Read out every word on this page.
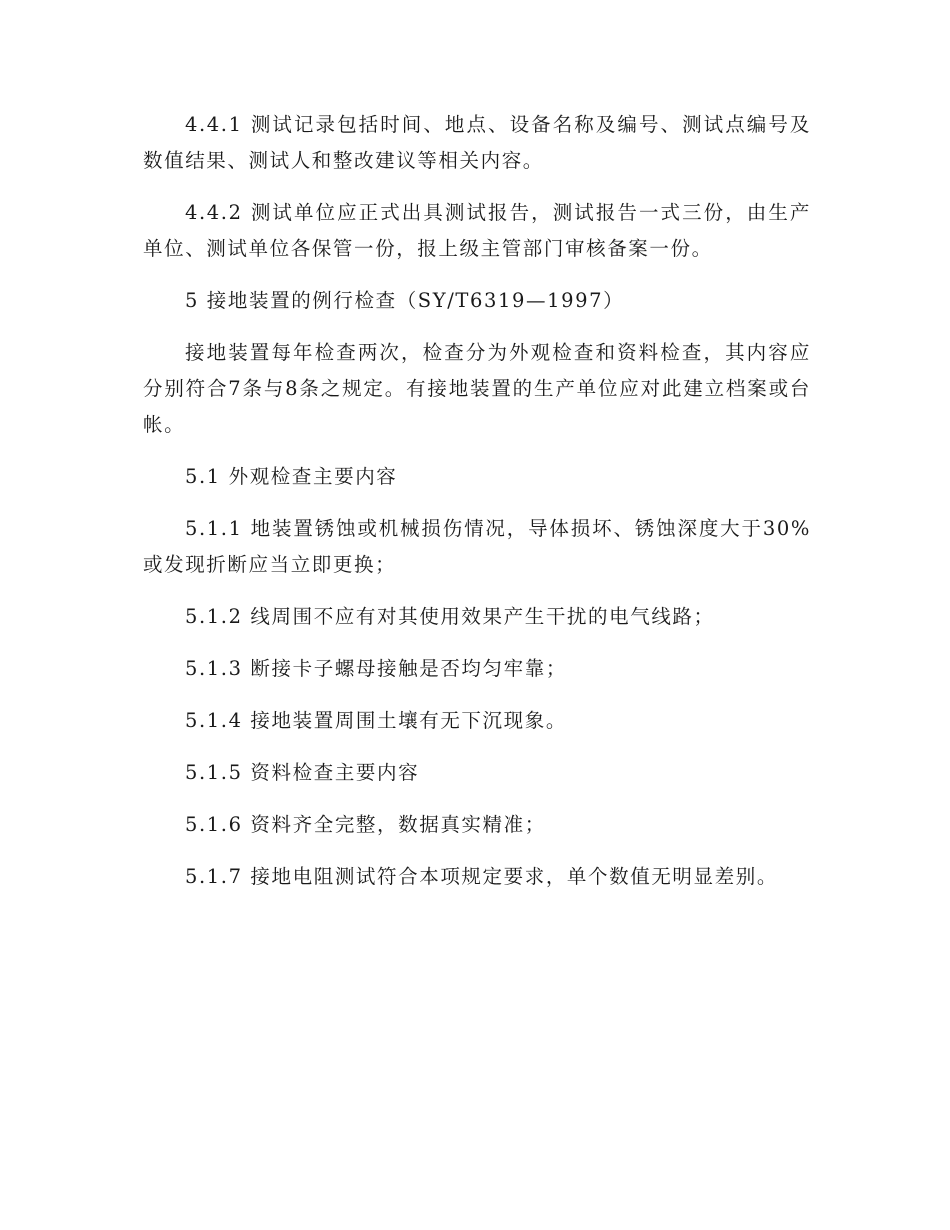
4.4.1 测试记录包括时间、地点、设备名称及编号、测试点编号及数值结果、测试人和整改建议等相关内容。

4.4.2 测试单位应正式出具测试报告，测试报告一式三份，由生产单位、测试单位各保管一份，报上级主管部门审核备案一份。

5 接地装置的例行检查（SY/T6319—1997）

接地装置每年检查两次，检查分为外观检查和资料检查，其内容应分别符合7条与8条之规定。有接地装置的生产单位应对此建立档案或台帐。

5.1 外观检查主要内容

5.1.1 地装置锈蚀或机械损伤情况，导体损坏、锈蚀深度大于30%或发现折断应当立即更换；

5.1.2 线周围不应有对其使用效果产生干扰的电气线路；

5.1.3 断接卡子螺母接触是否均匀牢靠；

5.1.4 接地装置周围土壤有无下沉现象。

5.1.5 资料检查主要内容

5.1.6 资料齐全完整，数据真实精准；

5.1.7 接地电阻测试符合本项规定要求，单个数值无明显差别。
